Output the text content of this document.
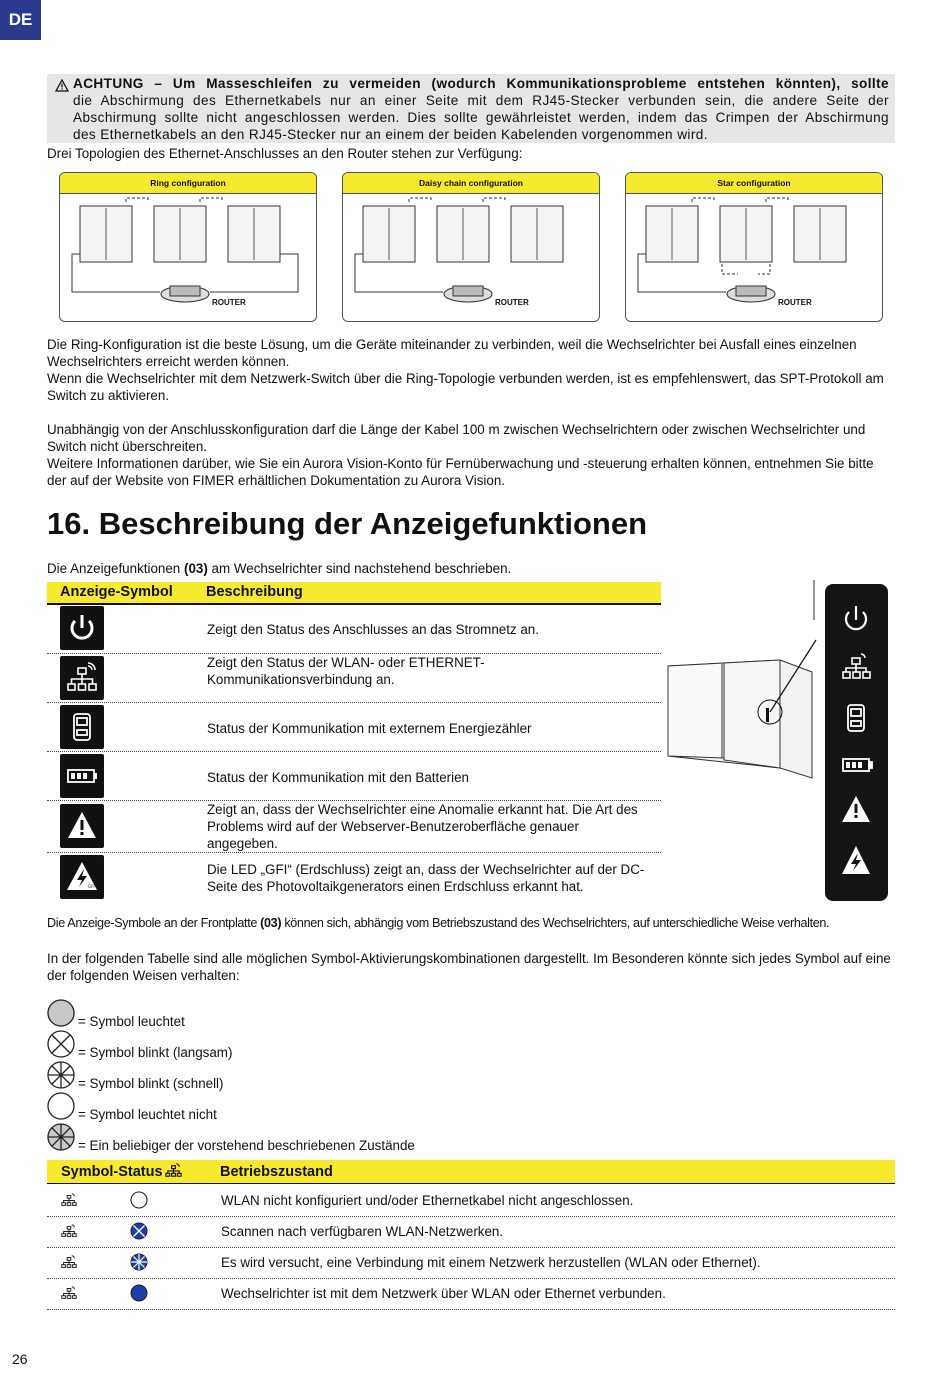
DE
ACHTUNG – Um Masseschleifen zu vermeiden (wodurch Kommunikationsprobleme entstehen könnten), sollte
die Abschirmung des Ethernetkabels nur an einer Seite mit dem RJ45-Stecker verbunden sein, die andere Seite der
Abschirmung sollte nicht angeschlossen werden. Dies sollte gewährleistet werden, indem das Crimpen der Abschirmung
des Ethernetkabels an den RJ45-Stecker nur an einem der beiden Kabelenden vorgenommen wird.
Drei Topologien des Ethernet-Anschlusses an den Router stehen zur Verfügung:
Ring configuration
ROUTER
Daisy chain configuration
ROUTER
Star configuration
ROUTER
Die Ring-Konfiguration ist die beste Lösung, um die Geräte miteinander zu verbinden, weil die Wechselrichter bei Ausfall eines einzelnen Wechselrichters erreicht werden können.
Wenn die Wechselrichter mit dem Netzwerk-Switch über die Ring-Topologie verbunden werden, ist es empfehlenswert, das SPT-Protokoll am Switch zu aktivieren.
Unabhängig von der Anschlusskonfiguration darf die Länge der Kabel 100 m zwischen Wechselrichtern oder zwischen Wechselrichter und Switch nicht überschreiten.
Weitere Informationen darüber, wie Sie ein Aurora Vision-Konto für Fernüberwachung und -steuerung erhalten können, entnehmen Sie bitte der auf der Website von FIMER erhältlichen Dokumentation zu Aurora Vision.
16. Beschreibung der Anzeigefunktionen
Die Anzeigefunktionen (03) am Wechselrichter sind nachstehend beschrieben.
Anzeige-Symbol Beschreibung
Zeigt den Status des Anschlusses an das Stromnetz an.
Zeigt den Status der WLAN- oder ETHERNET-Kommunikationsverbindung an.
Status der Kommunikation mit externem Energiezähler
Status der Kommunikation mit den Batterien
Zeigt an, dass der Wechselrichter eine Anomalie erkannt hat. Die Art des Problems wird auf der Webserver-Benutzeroberfläche genauer angegeben.
GFI
Die LED „GFI“ (Erdschluss) zeigt an, dass der Wechselrichter auf der DC-Seite des Photovoltaikgenerators einen Erdschluss erkannt hat.
Die Anzeige-Symbole an der Frontplatte (03) können sich, abhängig vom Betriebszustand des Wechselrichters, auf unterschiedliche Weise verhalten.
In der folgenden Tabelle sind alle möglichen Symbol-Aktivierungskombinationen dargestellt. Im Besonderen könnte sich jedes Symbol auf eine der folgenden Weisen verhalten:
= Symbol leuchtet
= Symbol blinkt (langsam)
= Symbol blinkt (schnell)
= Symbol leuchtet nicht
= Ein beliebiger der vorstehend beschriebenen Zustände
Symbol-Status	Betriebszustand
WLAN nicht konfiguriert und/oder Ethernetkabel nicht angeschlossen.
Scannen nach verfügbaren WLAN-Netzwerken.
Es wird versucht, eine Verbindung mit einem Netzwerk herzustellen (WLAN oder Ethernet).
Wechselrichter ist mit dem Netzwerk über WLAN oder Ethernet verbunden.
26
